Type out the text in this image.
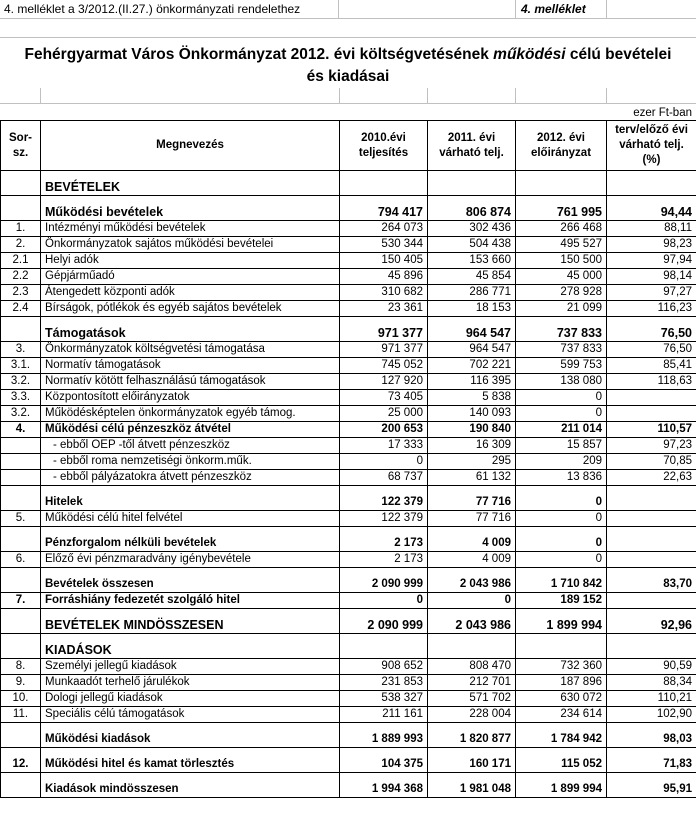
4. melléklet a 3/2012.(II.27.) önkormányzati rendelethez	4. melléklet
Fehérgyarmat Város Önkormányzat 2012. évi költségvetésének működési célú bevételei
és kiadásai
ezer Ft-ban
Sor-sz.	Megnevezés	2010.évi teljesítés	2011. évi várható telj.	2012. évi előirányzat	terv/előző évi várható telj. (%)
	BEVÉTELEK				
	Működési bevételek	794 417	806 874	761 995	94,44
1.	Intézményi működési bevételek	264 073	302 436	266 468	88,11
2.	Önkormányzatok sajátos működési bevételei	530 344	504 438	495 527	98,23
2.1	Helyi adók	150 405	153 660	150 500	97,94
2.2	Gépjárműadó	45 896	45 854	45 000	98,14
2.3	Átengedett központi adók	310 682	286 771	278 928	97,27
2.4	Bírságok, pótlékok és egyéb sajátos bevételek	23 361	18 153	21 099	116,23
	Támogatások	971 377	964 547	737 833	76,50
3.	Önkormányzatok költségvetési támogatása	971 377	964 547	737 833	76,50
3.1.	Normatív támogatások	745 052	702 221	599 753	85,41
3.2.	Normatív kötött felhasználású támogatások	127 920	116 395	138 080	118,63
3.3.	Központosított előirányzatok	73 405	5 838	0	
3.2.	Működésképtelen önkormányzatok egyéb támog.	25 000	140 093	0	
4.	Működési célú pénzeszköz átvétel	200 653	190 840	211 014	110,57
	- ebből OEP -től átvett pénzeszköz	17 333	16 309	15 857	97,23
	- ebből roma nemzetiségi önkorm.műk.	0	295	209	70,85
	- ebből pályázatokra átvett pénzeszköz	68 737	61 132	13 836	22,63
	Hitelek	122 379	77 716	0	
5.	Működési célú hitel felvétel	122 379	77 716	0	
	Pénzforgalom nélküli bevételek	2 173	4 009	0	
6.	Előző évi pénzmaradvány igénybevétele	2 173	4 009	0	
	Bevételek összesen	2 090 999	2 043 986	1 710 842	83,70
7.	Forráshiány fedezetét szolgáló hitel	0	0	189 152	
	BEVÉTELEK MINDÖSSZESEN	2 090 999	2 043 986	1 899 994	92,96
	KIADÁSOK				
8.	Személyi jellegű kiadások	908 652	808 470	732 360	90,59
9.	Munkaadót terhelő járulékok	231 853	212 701	187 896	88,34
10.	Dologi jellegű kiadások	538 327	571 702	630 072	110,21
11.	Speciális célú támogatások	211 161	228 004	234 614	102,90
	Működési kiadások	1 889 993	1 820 877	1 784 942	98,03
12.	Működési hitel és kamat törlesztés	104 375	160 171	115 052	71,83
	Kiadások mindösszesen	1 994 368	1 981 048	1 899 994	95,91
